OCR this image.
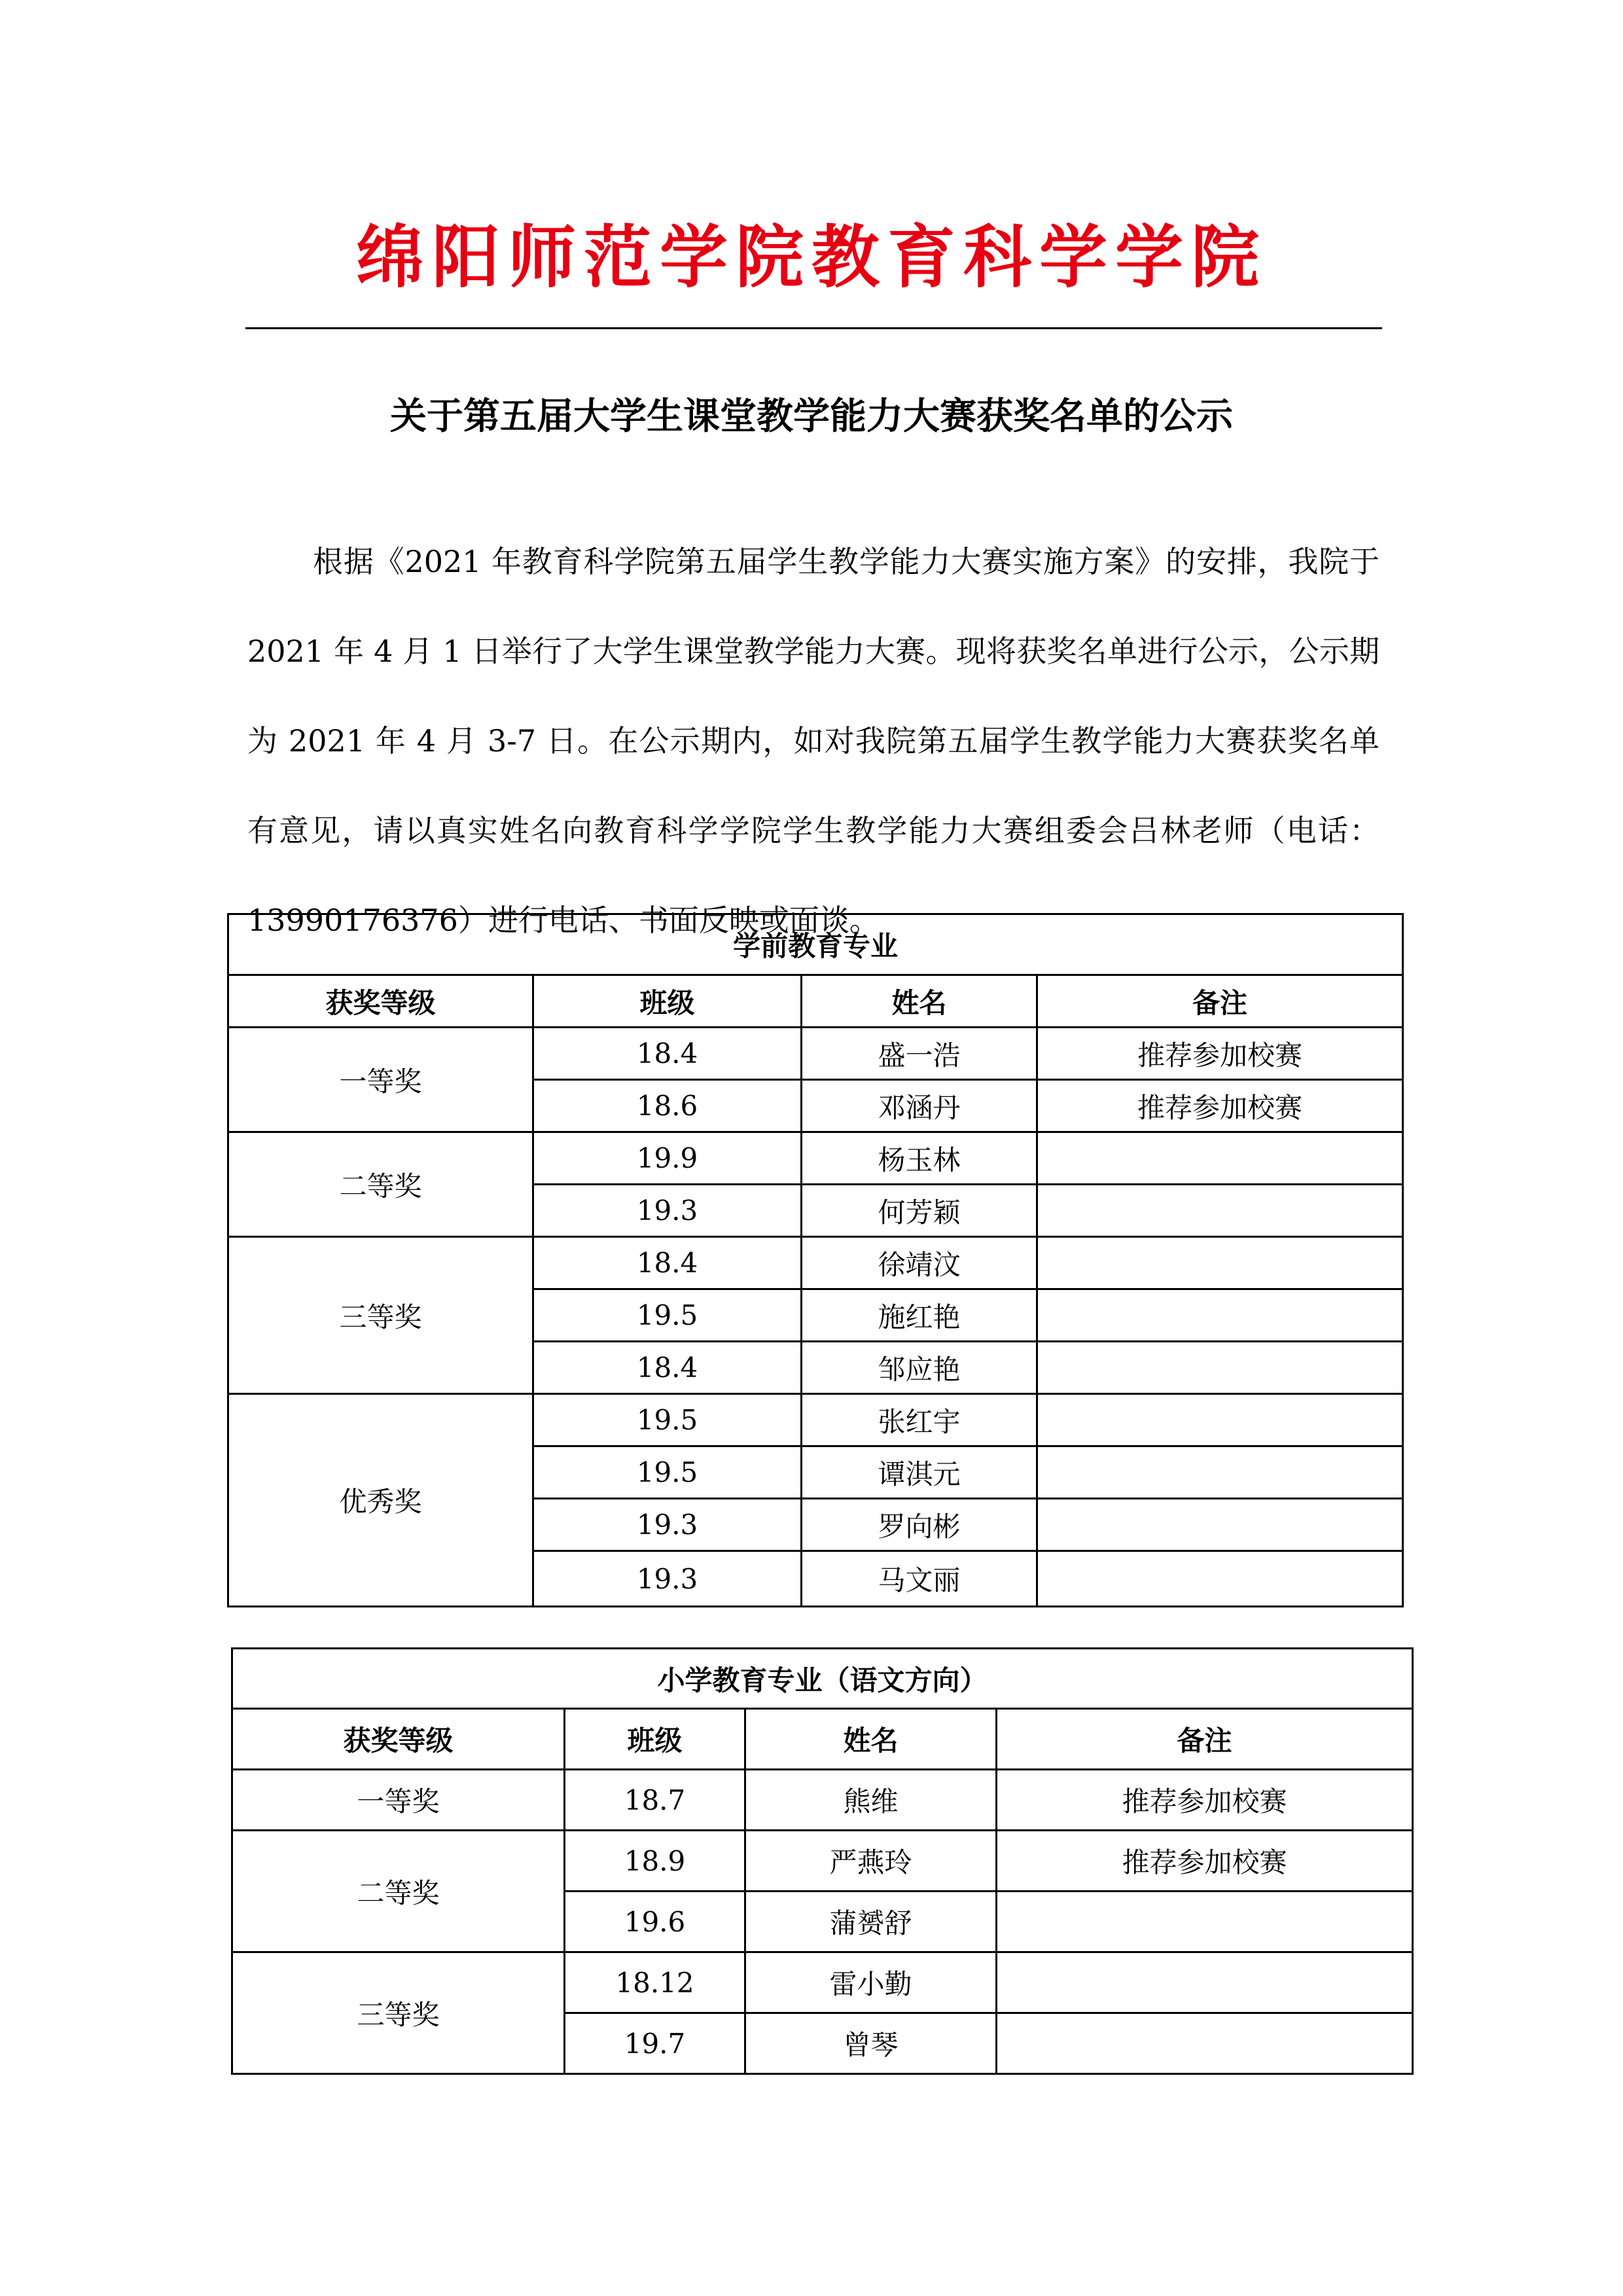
绵阳师范学院教育科学学院
关于第五届大学生课堂教学能力大赛获奖名单的公示
根据《2021 年教育科学院第五届学生教学能力大赛实施方案》的安排，我院于 2021 年 4 月 1 日举行了大学生课堂教学能力大赛。现将获奖名单进行公示，公示期为 2021 年 4 月 3-7 日。在公示期内，如对我院第五届学生教学能力大赛获奖名单有意见，请以真实姓名向教育科学学院学生教学能力大赛组委会吕林老师（电话：13990176376）进行电话、书面反映或面谈。
学前教育专业			
获奖等级	班级	姓名	备注
一等奖	18.4	盛一浩	推荐参加校赛
	18.6	邓涵丹	推荐参加校赛
二等奖	19.9	杨玉林	
	19.3	何芳颖	
三等奖	18.4	徐靖汶	
	19.5	施红艳	
	18.4	邹应艳	
优秀奖	19.5	张红宇	
	19.5	谭淇元	
	19.3	罗向彬	
	19.3	马文丽	
小学教育专业（语文方向）			
获奖等级	班级	姓名	备注
一等奖	18.7	熊维	推荐参加校赛
二等奖	18.9	严燕玲	推荐参加校赛
	19.6	蒲赟舒	
三等奖	18.12	雷小勤	
	19.7	曾琴	
